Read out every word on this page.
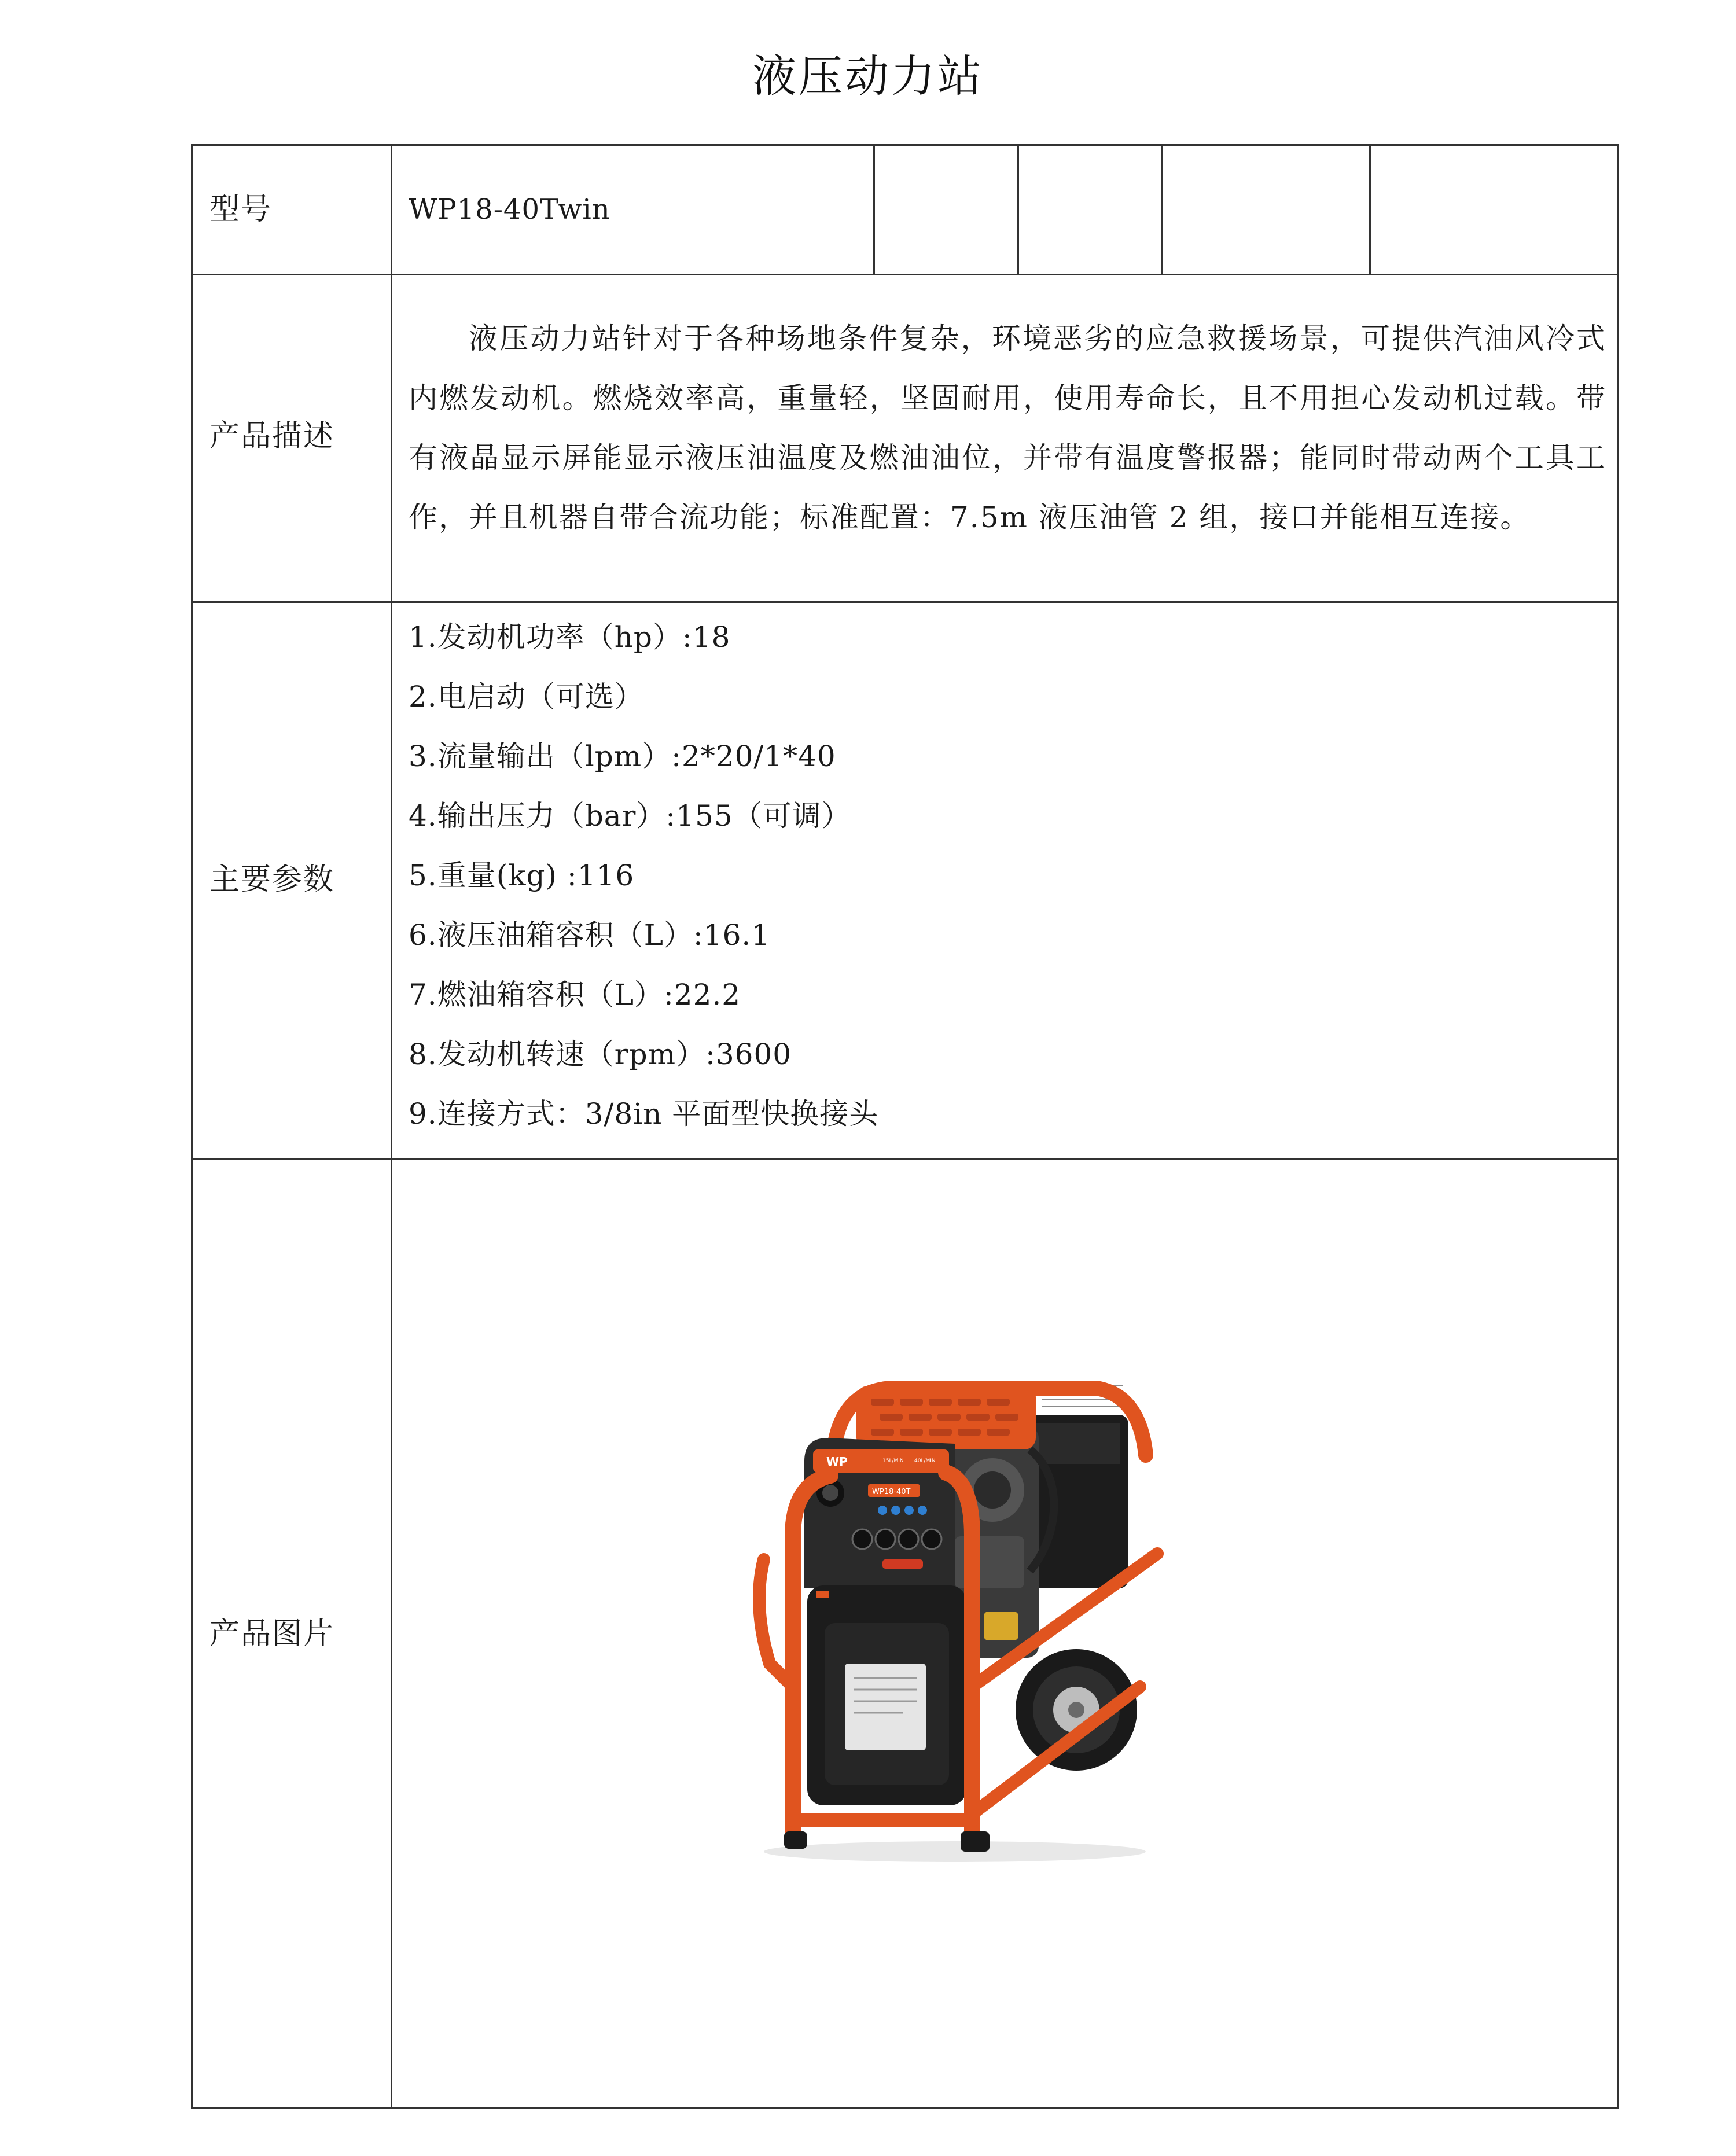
液压动力站
型号	WP18-40Twin
产品描述
液压动力站针对于各种场地条件复杂，环境恶劣的应急救援场景，可提供汽油风冷式内燃发动机。燃烧效率高，重量轻，坚固耐用，使用寿命长，且不用担心发动机过载。带有液晶显示屏能显示液压油温度及燃油油位，并带有温度警报器；能同时带动两个工具工作，并且机器自带合流功能；标准配置：7.5m 液压油管 2 组，接口并能相互连接。
主要参数
1.发动机功率（hp）:18
2.电启动（可选）
3.流量输出（lpm）:2*20/1*40
4.输出压力（bar）:155（可调）
5.重量(kg) :116
6.液压油箱容积（L）:16.1
7.燃油箱容积（L）:22.2
8.发动机转速（rpm）:3600
9.连接方式：3/8in 平面型快换接头
产品图片
WP	15L/MIN 40L/MIN
WP18-40T
